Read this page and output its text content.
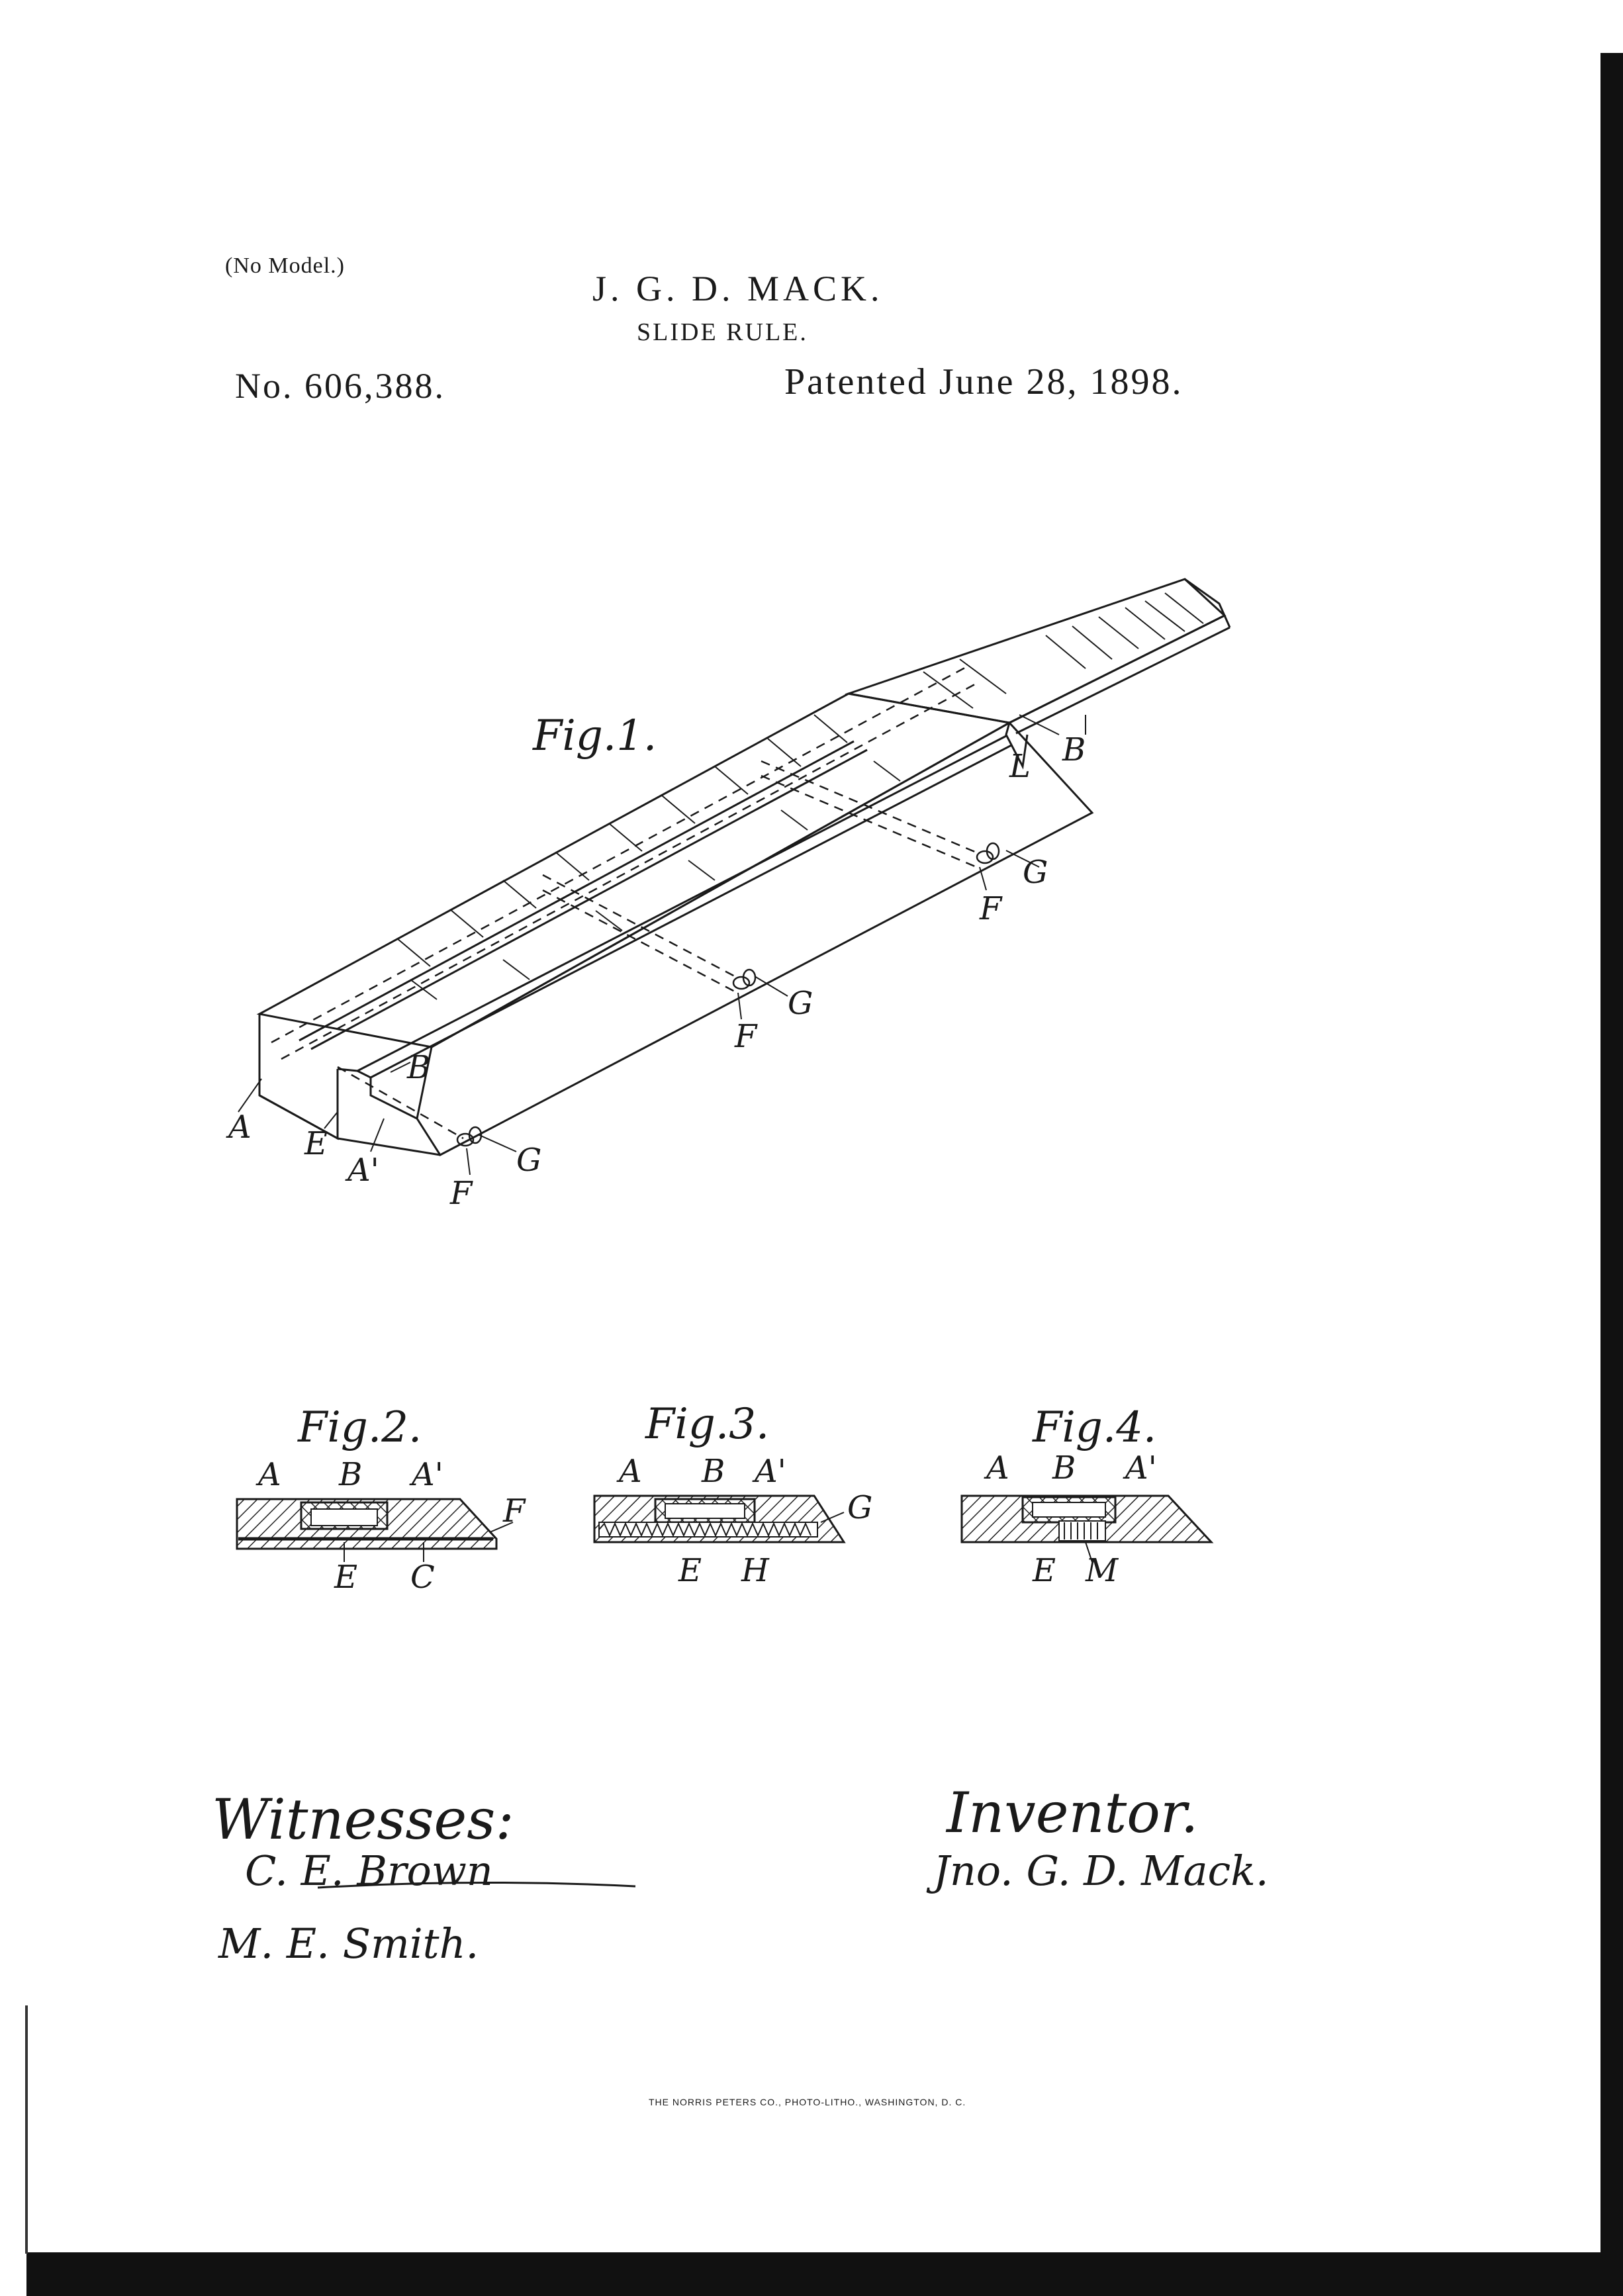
(No Model.)
J. G. D. MACK.
SLIDE RULE.
No. 606,388.	Patented June 28, 1898.
Fig.1.	B
L
G
F
G
F
B
A E
A'	G
F
Fig.2.
A B A'
F
E C
Fig.3.
A B A'
G
E H
Fig.4.
A B A'
E M
Witnesses:
C. E. Brown
M. E. Smith.
Inventor.
Jno. G. D. Mack.
THE NORRIS PETERS CO., PHOTO-LITHO., WASHINGTON, D. C.
